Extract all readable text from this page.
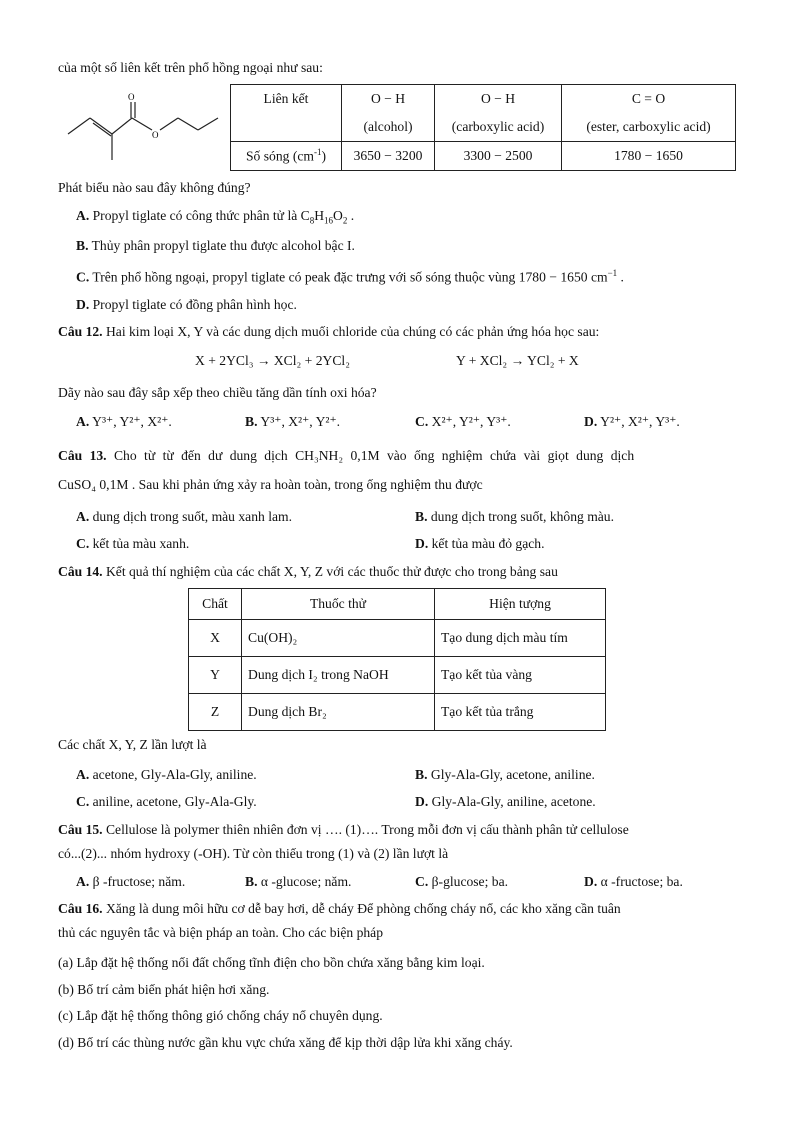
của một số liên kết trên phổ hồng ngoại như sau:
O
O
Liên kết	O − H	O − H	C = O
	(alcohol)	(carboxylic acid)	(ester, carboxylic acid)
Số sóng $(cm^{-1})$	3650 − 3200	3300 − 2500	1780 − 1650
Phát biểu nào sau đây không đúng?
A. Propyl tiglate có công thức phân tử là $C_8H_{16}O_2$ .
B. Thủy phân propyl tiglate thu được alcohol bậc I.
C. Trên phổ hồng ngoại, propyl tiglate có peak đặc trưng với số sóng thuộc vùng 1780 − 1650 $cm^{-1}$ .
D. Propyl tiglate có đồng phân hình học.
Câu 12. Hai kim loại X, Y và các dung dịch muối chloride của chúng có các phản ứng hóa học sau:
X + 2YCl₃ → XCl₂ + 2YCl₂	Y + XCl₂ → YCl₂ + X
Dãy nào sau đây sắp xếp theo chiều tăng dần tính oxi hóa?
A. Y³⁺, Y²⁺, X²⁺.	B. Y³⁺, X²⁺, Y²⁺.	C. X²⁺, Y²⁺, Y³⁺.	D. Y²⁺, X²⁺, Y³⁺.
Câu 13. Cho từ từ đến dư dung dịch CH₃NH₂ 0,1M vào ống nghiệm chứa vài giọt dung dịch
CuSO₄ 0,1M . Sau khi phản ứng xảy ra hoàn toàn, trong ống nghiệm thu được
A. dung dịch trong suốt, màu xanh lam.	B. dung dịch trong suốt, không màu.
C. kết tủa màu xanh.	D. kết tủa màu đỏ gạch.
Câu 14. Kết quả thí nghiệm của các chất X, Y, Z với các thuốc thử được cho trong bảng sau
Chất	Thuốc thử	Hiện tượng
X	Cu(OH)₂	Tạo dung dịch màu tím
Y	Dung dịch I₂ trong NaOH	Tạo kết tủa vàng
Z	Dung dịch Br₂	Tạo kết tủa trắng
Các chất X, Y, Z lần lượt là
A. acetone, Gly-Ala-Gly, aniline.	B. Gly-Ala-Gly, acetone, aniline.
C. aniline, acetone, Gly-Ala-Gly.	D. Gly-Ala-Gly, aniline, acetone.
Câu 15. Cellulose là polymer thiên nhiên đơn vị …. (1)…. Trong mỗi đơn vị cấu thành phân tử cellulose
có...(2)... nhóm hydroxy (-OH). Từ còn thiếu trong (1) và (2) lần lượt là
A. β -fructose; năm.	B. α -glucose; năm.	C. β-glucose; ba.	D. α -fructose; ba.
Câu 16. Xăng là dung môi hữu cơ dễ bay hơi, dễ cháy Để phòng chống cháy nổ, các kho xăng cần tuân
thủ các nguyên tắc và biện pháp an toàn. Cho các biện pháp
(a) Lắp đặt hệ thống nối đất chống tĩnh điện cho bồn chứa xăng bằng kim loại.
(b) Bố trí cảm biến phát hiện hơi xăng.
(c) Lắp đặt hệ thống thông gió chống cháy nổ chuyên dụng.
(d) Bố trí các thùng nước gần khu vực chứa xăng để kịp thời dập lửa khi xăng cháy.
